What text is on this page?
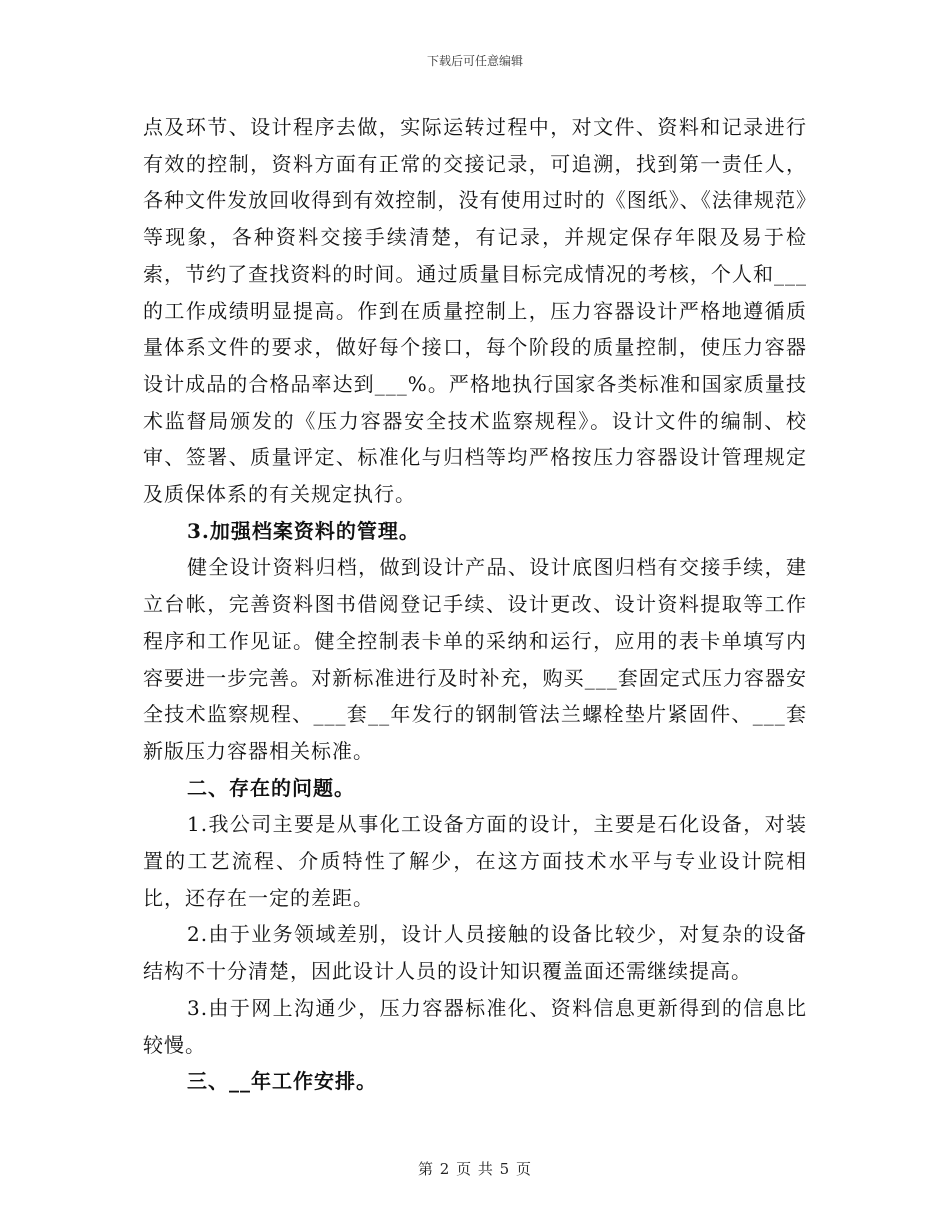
下载后可任意编辑

点及环节、设计程序去做，实际运转过程中，对文件、资料和记录进行有效的控制，资料方面有正常的交接记录，可追溯，找到第一责任人，各种文件发放回收得到有效控制，没有使用过时的《图纸》、《法律规范》等现象，各种资料交接手续清楚，有记录，并规定保存年限及易于检索，节约了查找资料的时间。通过质量目标完成情况的考核，个人和___的工作成绩明显提高。作到在质量控制上，压力容器设计严格地遵循质量体系文件的要求，做好每个接口，每个阶段的质量控制，使压力容器设计成品的合格品率达到___%。严格地执行国家各类标准和国家质量技术监督局颁发的《压力容器安全技术监察规程》。设计文件的编制、校审、签署、质量评定、标准化与归档等均严格按压力容器设计管理规定及质保体系的有关规定执行。

3.加强档案资料的管理。

健全设计资料归档，做到设计产品、设计底图归档有交接手续，建立台帐，完善资料图书借阅登记手续、设计更改、设计资料提取等工作程序和工作见证。健全控制表卡单的采纳和运行，应用的表卡单填写内容要进一步完善。对新标准进行及时补充，购买___套固定式压力容器安全技术监察规程、___套__年发行的钢制管法兰螺栓垫片紧固件、___套新版压力容器相关标准。

二、存在的问题。

1.我公司主要是从事化工设备方面的设计，主要是石化设备，对装置的工艺流程、介质特性了解少，在这方面技术水平与专业设计院相比，还存在一定的差距。

2.由于业务领域差别，设计人员接触的设备比较少，对复杂的设备结构不十分清楚，因此设计人员的设计知识覆盖面还需继续提高。

3.由于网上沟通少，压力容器标准化、资料信息更新得到的信息比较慢。

三、__年工作安排。

第 2 页 共 5 页
